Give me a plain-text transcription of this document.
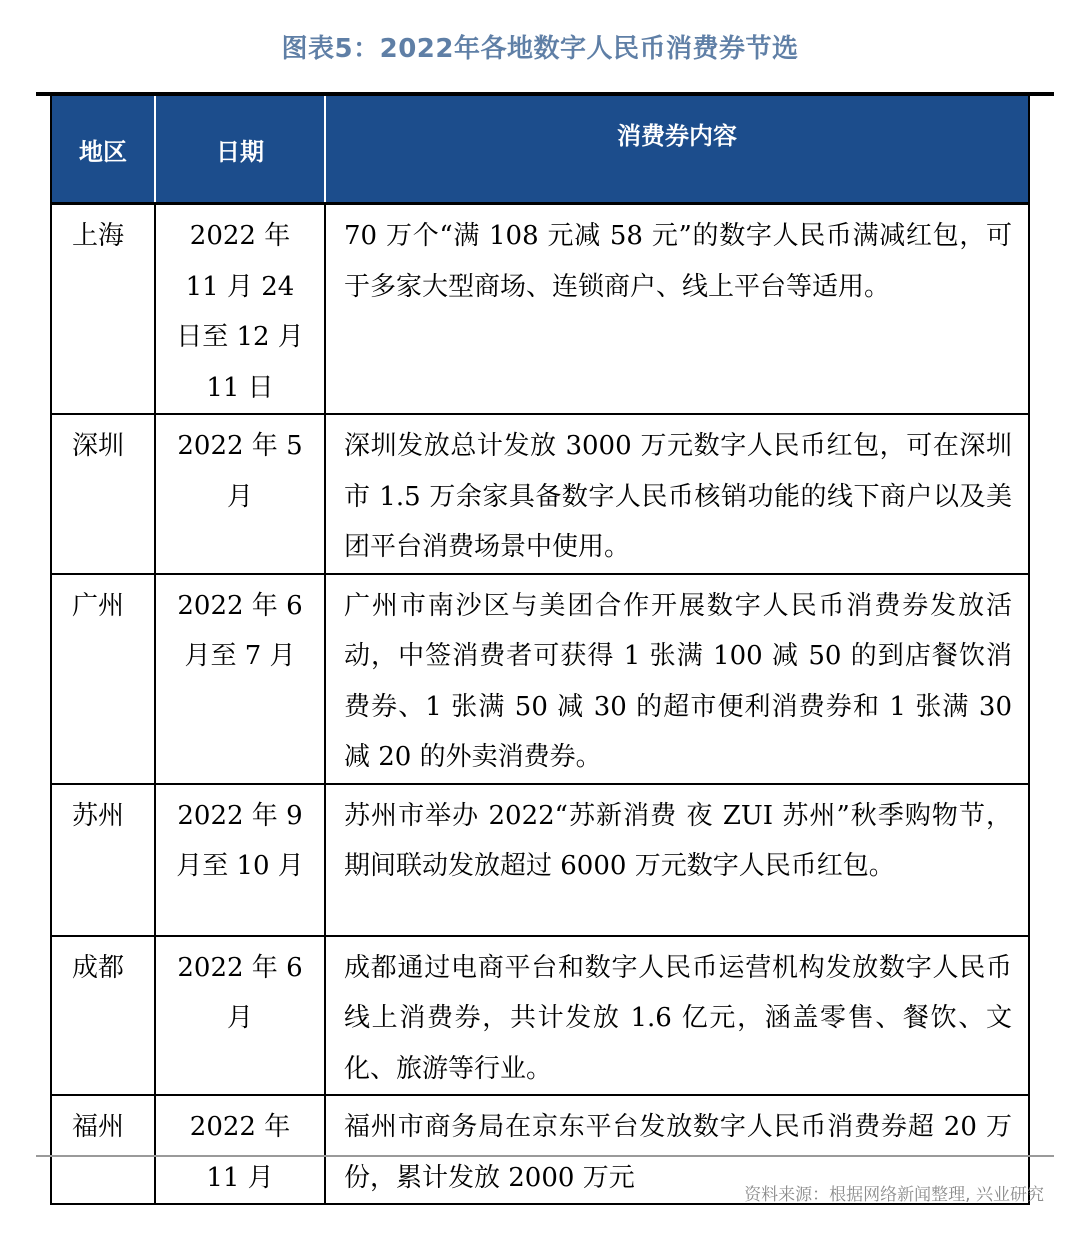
图表5：2022年各地数字人民币消费券节选
地区	日期	消费券内容
上海	2022 年 11 月 24 日至 12 月 11 日	70 万个“满 108 元减 58 元”的数字人民币满减红包，可于多家大型商场、连锁商户、线上平台等适用。
深圳	2022 年 5 月	深圳发放总计发放 3000 万元数字人民币红包，可在深圳市 1.5 万余家具备数字人民币核销功能的线下商户以及美团平台消费场景中使用。
广州	2022 年 6 月至 7 月	广州市南沙区与美团合作开展数字人民币消费券发放活动，中签消费者可获得 1 张满 100 减 50 的到店餐饮消费券、1 张满 50 减 30 的超市便利消费券和 1 张满 30 减 20 的外卖消费券。
苏州	2022 年 9 月至 10 月	苏州市举办 2022“苏新消费 夜 ZUI 苏州”秋季购物节，期间联动发放超过 6000 万元数字人民币红包。
成都	2022 年 6 月	成都通过电商平台和数字人民币运营机构发放数字人民币线上消费券，共计发放 1.6 亿元，涵盖零售、餐饮、文化、旅游等行业。
福州	2022 年 11 月	福州市商务局在京东平台发放数字人民币消费券超 20 万份，累计发放 2000 万元
资料来源：根据网络新闻整理, 兴业研究
